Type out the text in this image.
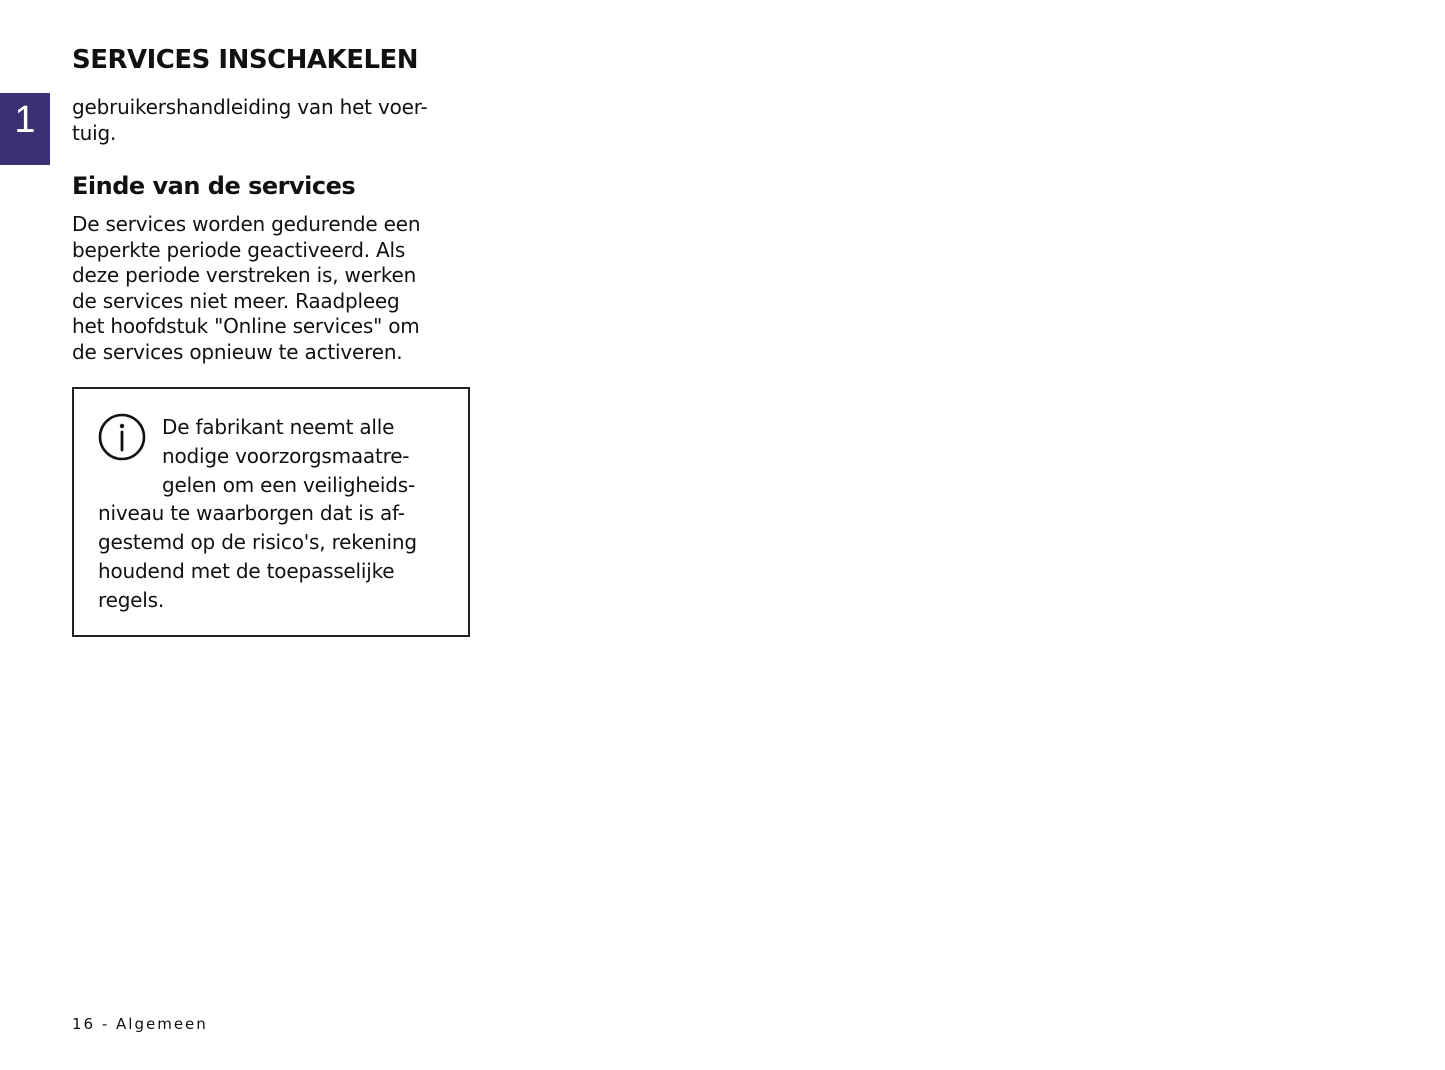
1
SERVICES INSCHAKELEN

gebruikershandleiding van het voer-
tuig.

Einde van de services

De services worden gedurende een
beperkte periode geactiveerd. Als
deze periode verstreken is, werken
de services niet meer. Raadpleeg
het hoofdstuk "Online services" om
de services opnieuw te activeren.

De fabrikant neemt alle
nodige voorzorgsmaatre-
gelen om een veiligheids-
niveau te waarborgen dat is af-
gestemd op de risico's, rekening
houdend met de toepasselijke
regels.
16 - Algemeen
